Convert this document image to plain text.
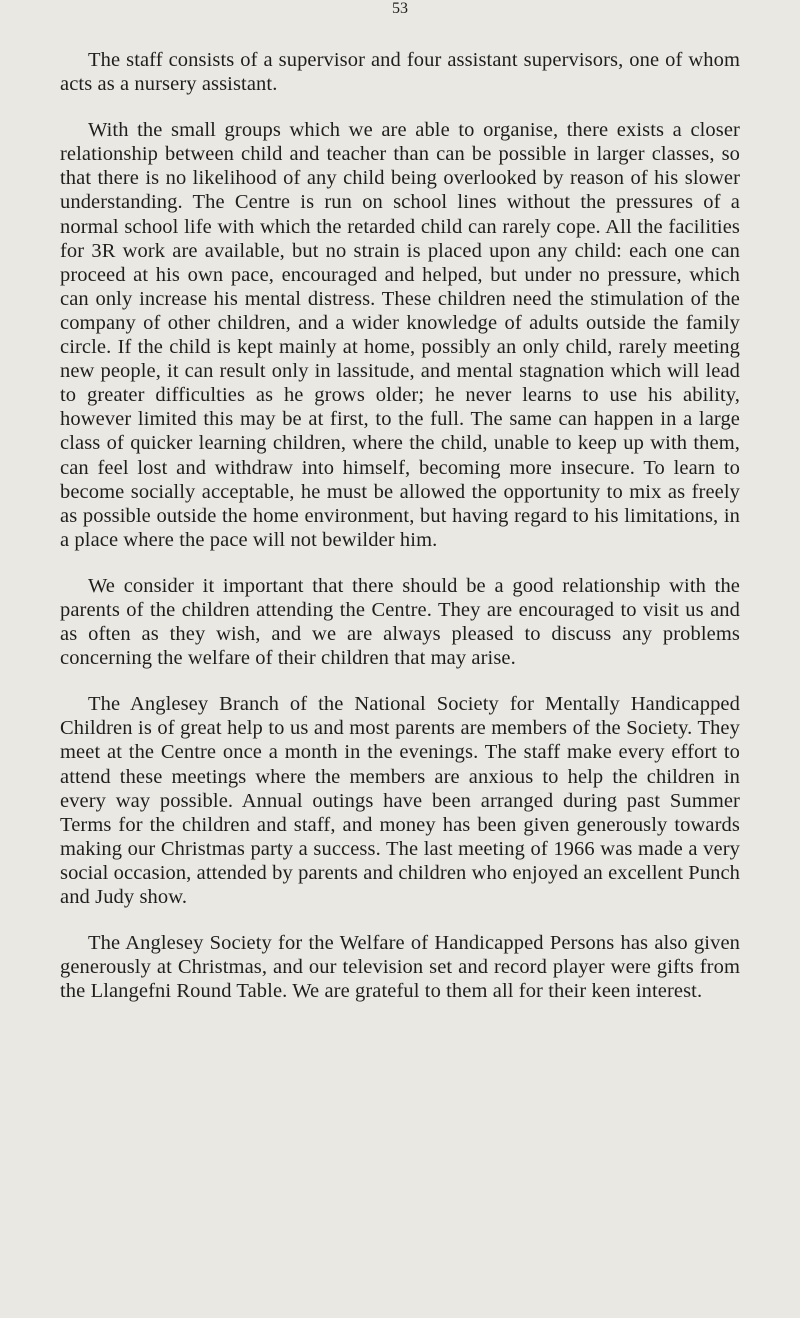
53

The staff consists of a supervisor and four assistant supervisors, one of whom acts as a nursery assistant.

With the small groups which we are able to organise, there exists a closer relationship between child and teacher than can be possible in larger classes, so that there is no likelihood of any child being overlooked by reason of his slower understanding. The Centre is run on school lines without the pressures of a normal school life with which the retarded child can rarely cope. All the facilities for 3R work are available, but no strain is placed upon any child: each one can proceed at his own pace, encouraged and helped, but under no pressure, which can only increase his mental distress. These children need the stimulation of the company of other children, and a wider knowledge of adults outside the family circle. If the child is kept mainly at home, possibly an only child, rarely meeting new people, it can result only in lassitude, and mental stagnation which will lead to greater difficulties as he grows older; he never learns to use his ability, however limited this may be at first, to the full. The same can happen in a large class of quicker learning children, where the child, unable to keep up with them, can feel lost and withdraw into himself, becoming more insecure. To learn to become socially acceptable, he must be allowed the opportunity to mix as freely as possible outside the home environment, but having regard to his limitations, in a place where the pace will not bewilder him.

We consider it important that there should be a good relationship with the parents of the children attending the Centre. They are encouraged to visit us and as often as they wish, and we are always pleased to discuss any problems concerning the welfare of their children that may arise.

The Anglesey Branch of the National Society for Mentally Handicapped Children is of great help to us and most parents are members of the Society. They meet at the Centre once a month in the evenings. The staff make every effort to attend these meetings where the members are anxious to help the children in every way possible. Annual outings have been arranged during past Summer Terms for the children and staff, and money has been given generously towards making our Christmas party a success. The last meeting of 1966 was made a very social occasion, attended by parents and children who enjoyed an excellent Punch and Judy show.

The Anglesey Society for the Welfare of Handicapped Persons has also given generously at Christmas, and our television set and record player were gifts from the Llangefni Round Table. We are grateful to them all for their keen interest.
